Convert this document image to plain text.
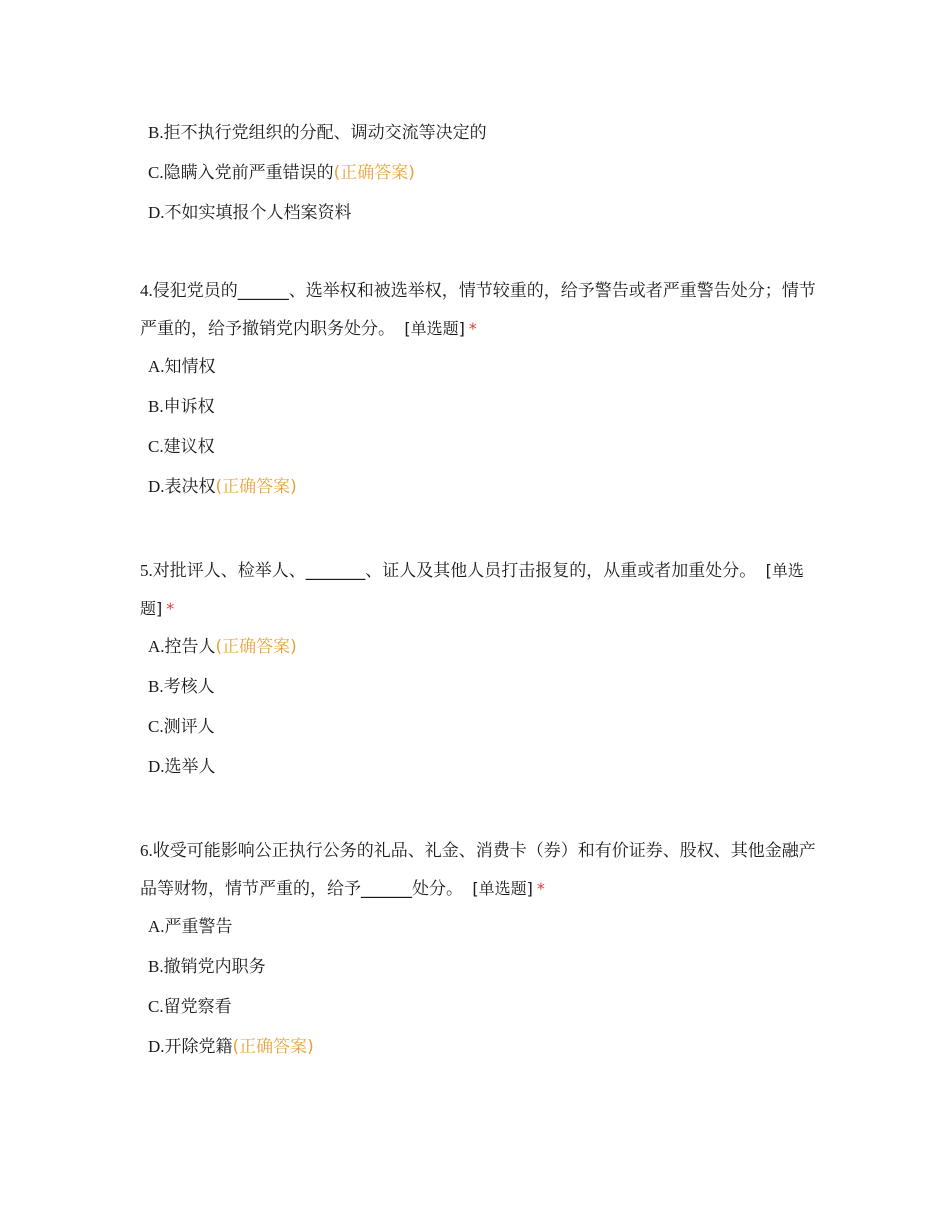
B.拒不执行党组织的分配、调动交流等决定的
C.隐瞒入党前严重错误的(正确答案)
D.不如实填报个人档案资料

4.侵犯党员的______、选举权和被选举权，情节较重的，给予警告或者严重警告处分；情节严重的，给予撤销党内职务处分。 [单选题] *

A.知情权
B.申诉权
C.建议权
D.表决权(正确答案)

5.对批评人、检举人、_______、证人及其他人员打击报复的，从重或者加重处分。 [单选题] *

A.控告人(正确答案)
B.考核人
C.测评人
D.选举人

6.收受可能影响公正执行公务的礼品、礼金、消费卡（券）和有价证券、股权、其他金融产品等财物，情节严重的，给予______处分。 [单选题] *

A.严重警告
B.撤销党内职务
C.留党察看
D.开除党籍(正确答案)
